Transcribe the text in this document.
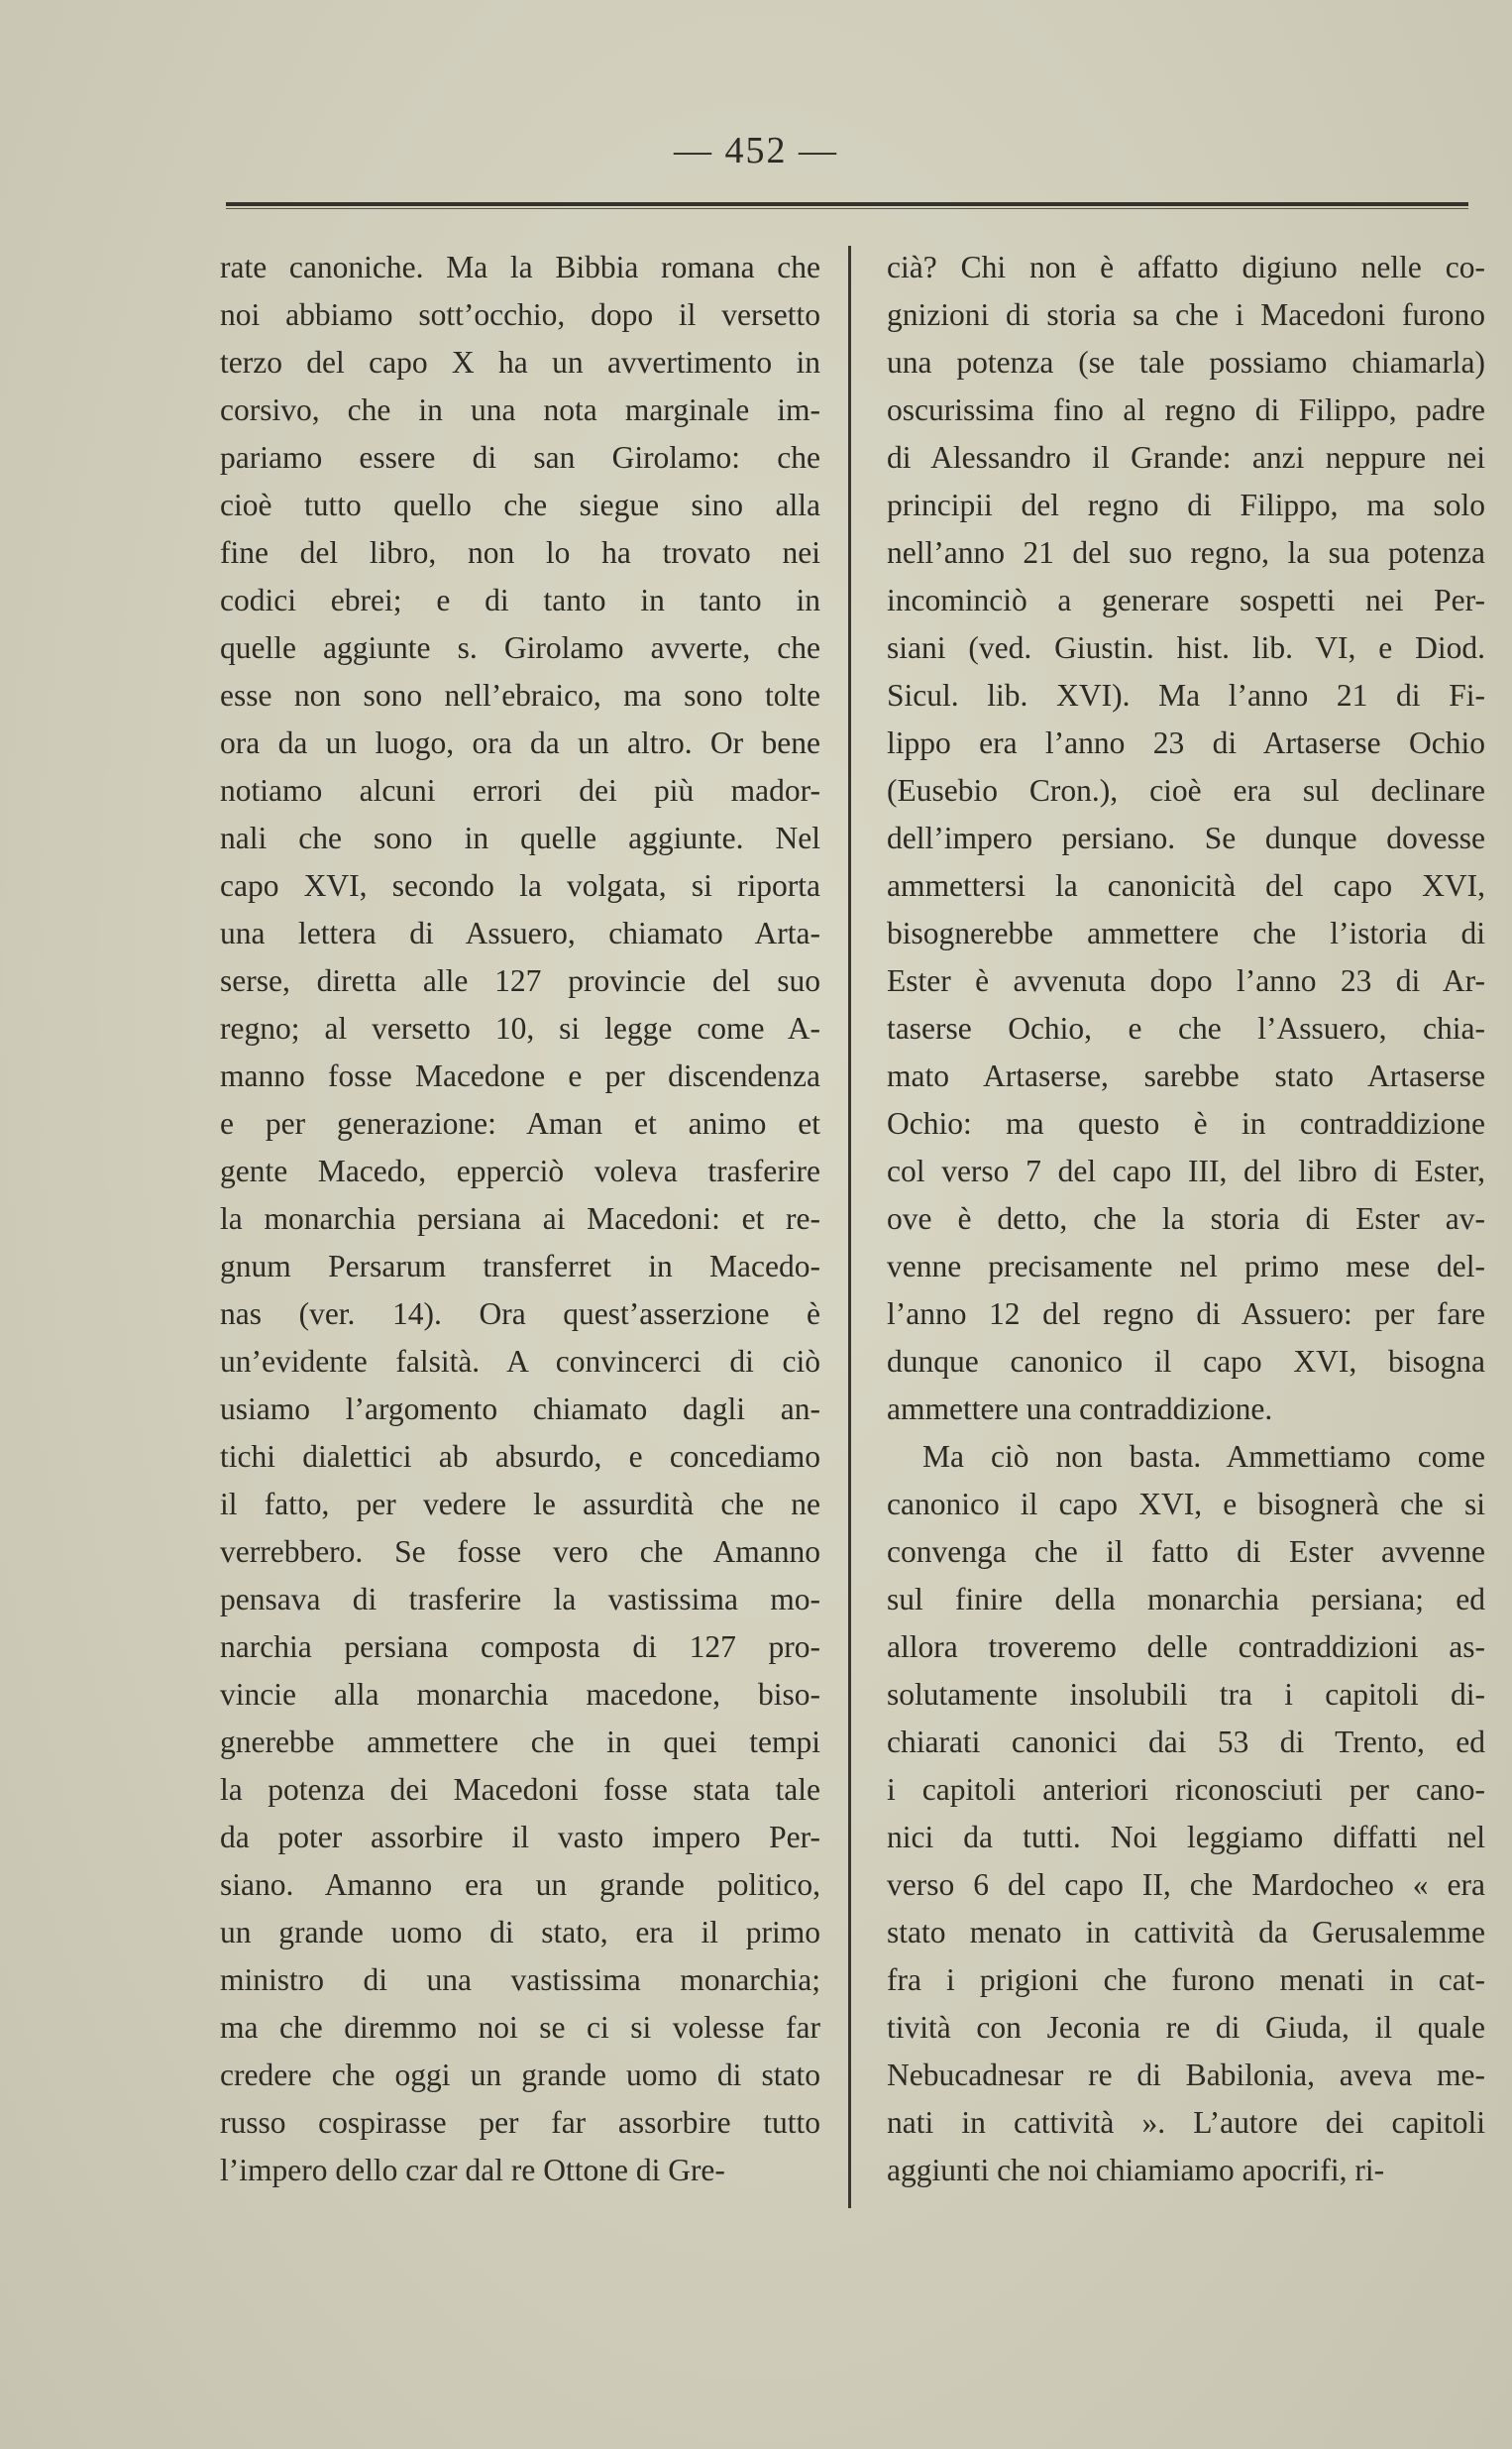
— 452 —
rate canoniche. Ma la Bibbia romana che
noi abbiamo sott’occhio, dopo il versetto
terzo del capo X ha un avvertimento in
corsivo, che in una nota marginale im-
pariamo essere di san Girolamo: che
cioè tutto quello che siegue sino alla
fine del libro, non lo ha trovato nei
codici ebrei; e di tanto in tanto in
quelle aggiunte s. Girolamo avverte, che
esse non sono nell’ebraico, ma sono tolte
ora da un luogo, ora da un altro. Or bene
notiamo alcuni errori dei più mador-
nali che sono in quelle aggiunte. Nel
capo XVI, secondo la volgata, si riporta
una lettera di Assuero, chiamato Arta-
serse, diretta alle 127 provincie del suo
regno; al versetto 10, si legge come A-
manno fosse Macedone e per discendenza
e per generazione: Aman et animo et
gente Macedo, epperciò voleva trasferire
la monarchia persiana ai Macedoni: et re-
gnum Persarum transferret in Macedo-
nas (ver. 14). Ora quest’asserzione è
un’evidente falsità. A convincerci di ciò
usiamo l’argomento chiamato dagli an-
tichi dialettici ab absurdo, e concediamo
il fatto, per vedere le assurdità che ne
verrebbero. Se fosse vero che Amanno
pensava di trasferire la vastissima mo-
narchia persiana composta di 127 pro-
vincie alla monarchia macedone, biso-
gnerebbe ammettere che in quei tempi
la potenza dei Macedoni fosse stata tale
da poter assorbire il vasto impero Per-
siano. Amanno era un grande politico,
un grande uomo di stato, era il primo
ministro di una vastissima monarchia;
ma che diremmo noi se ci si volesse far
credere che oggi un grande uomo di stato
russo cospirasse per far assorbire tutto
l’impero dello czar dal re Ottone di Gre-
cià? Chi non è affatto digiuno nelle co-
gnizioni di storia sa che i Macedoni furono
una potenza (se tale possiamo chiamarla)
oscurissima fino al regno di Filippo, padre
di Alessandro il Grande: anzi neppure nei
principii del regno di Filippo, ma solo
nell’anno 21 del suo regno, la sua potenza
incominciò a generare sospetti nei Per-
siani (ved. Giustin. hist. lib. VI, e Diod.
Sicul. lib. XVI). Ma l’anno 21 di Fi-
lippo era l’anno 23 di Artaserse Ochio
(Eusebio Cron.), cioè era sul declinare
dell’impero persiano. Se dunque dovesse
ammettersi la canonicità del capo XVI,
bisognerebbe ammettere che l’istoria di
Ester è avvenuta dopo l’anno 23 di Ar-
taserse Ochio, e che l’Assuero, chia-
mato Artaserse, sarebbe stato Artaserse
Ochio: ma questo è in contraddizione
col verso 7 del capo III, del libro di Ester,
ove è detto, che la storia di Ester av-
venne precisamente nel primo mese del-
l’anno 12 del regno di Assuero: per fare
dunque canonico il capo XVI, bisogna
ammettere una contraddizione.
Ma ciò non basta. Ammettiamo come
canonico il capo XVI, e bisognerà che si
convenga che il fatto di Ester avvenne
sul finire della monarchia persiana; ed
allora troveremo delle contraddizioni as-
solutamente insolubili tra i capitoli di-
chiarati canonici dai 53 di Trento, ed
i capitoli anteriori riconosciuti per cano-
nici da tutti. Noi leggiamo diffatti nel
verso 6 del capo II, che Mardocheo « era
stato menato in cattività da Gerusalemme
fra i prigioni che furono menati in cat-
tività con Jeconia re di Giuda, il quale
Nebucadnesar re di Babilonia, aveva me-
nati in cattività ». L’autore dei capitoli
aggiunti che noi chiamiamo apocrifi, ri-
